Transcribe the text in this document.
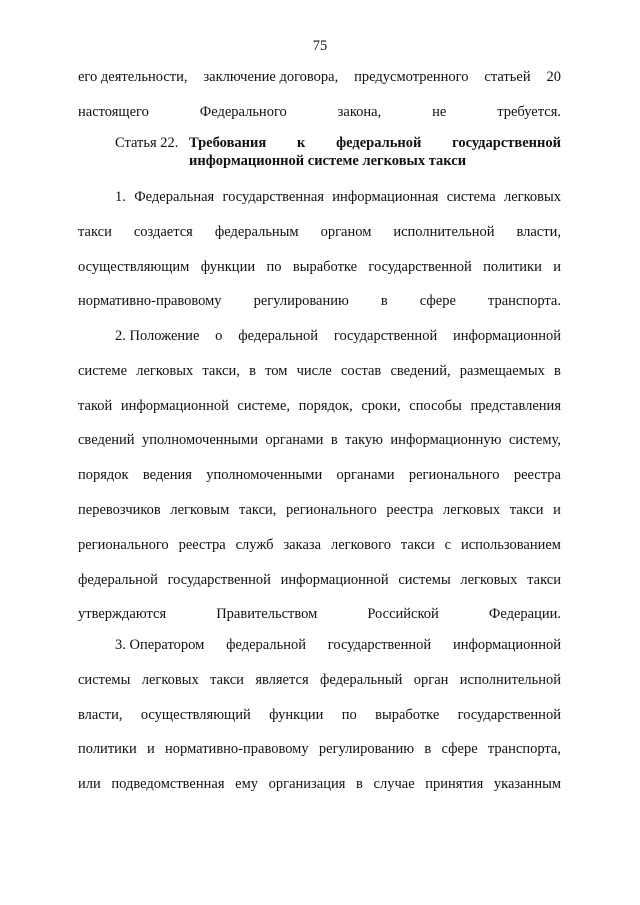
75
его деятельности, заключение договора, предусмотренного статьей 20
настоящего Федерального закона, не требуется.
Статья 22. Требования к федеральной государственной
информационной системе легковых такси
1. Федеральная государственная информационная система легковых
такси создается федеральным органом исполнительной власти,
осуществляющим функции по выработке государственной политики и
нормативно-правовому регулированию в сфере транспорта.
2. Положение о федеральной государственной информационной
системе легковых такси, в том числе состав сведений, размещаемых в
такой информационной системе, порядок, сроки, способы представления
сведений уполномоченными органами в такую информационную систему,
порядок ведения уполномоченными органами регионального реестра
перевозчиков легковым такси, регионального реестра легковых такси и
регионального реестра служб заказа легкового такси с использованием
федеральной государственной информационной системы легковых такси
утверждаются Правительством Российской Федерации.
3. Оператором федеральной государственной информационной
системы легковых такси является федеральный орган исполнительной
власти, осуществляющий функции по выработке государственной
политики и нормативно-правовому регулированию в сфере транспорта,
или подведомственная ему организация в случае принятия указанным
